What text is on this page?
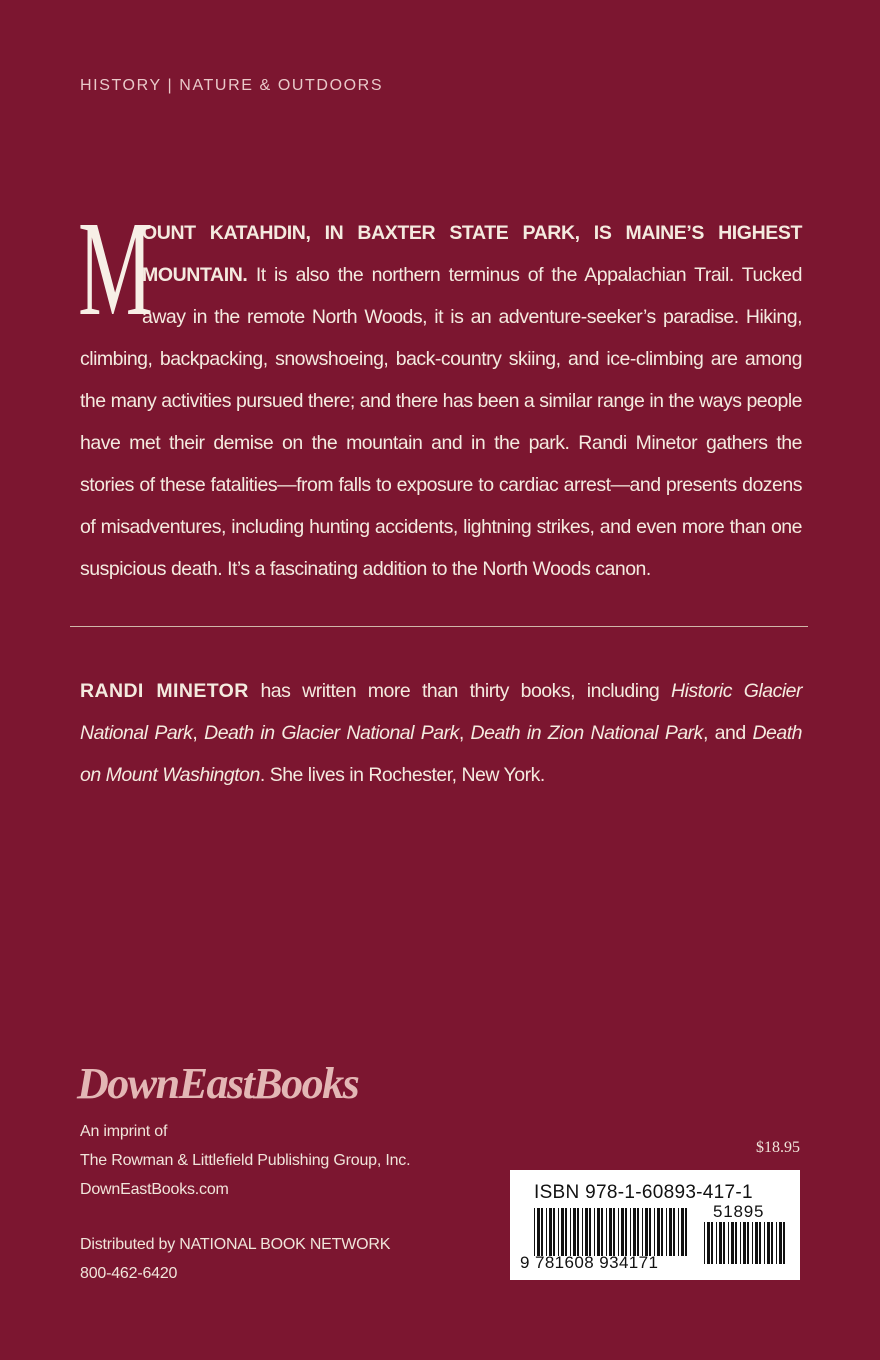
HISTORY | NATURE & OUTDOORS
M
OUNT KATAHDIN, IN BAXTER STATE PARK, IS MAINE’S HIGHEST MOUNTAIN. It is also the northern terminus of the Appalachian Trail. Tucked away in the remote North Woods, it is an adventure-seeker’s paradise. Hiking, climbing, backpacking, snowshoeing, back-country skiing, and ice-climbing are among the many activities pursued there; and there has been a similar range in the ways people have met their demise on the mountain and in the park. Randi Minetor gathers the stories of these fatalities—from falls to exposure to cardiac arrest—and presents dozens of misadventures, including hunting accidents, lightning strikes, and even more than one suspicious death. It’s a fascinating addition to the North Woods canon.
RANDI MINETOR has written more than thirty books, including Historic Glacier National Park, Death in Glacier National Park, Death in Zion National Park, and Death on Mount Washington. She lives in Rochester, New York.
DownEastBooks
An imprint of
The Rowman & Littlefield Publishing Group, Inc.
DownEastBooks.com
Distributed by NATIONAL BOOK NETWORK
800-462-6420
$18.95
ISBN 978-1-60893-417-1
51895
9 781608 934171
